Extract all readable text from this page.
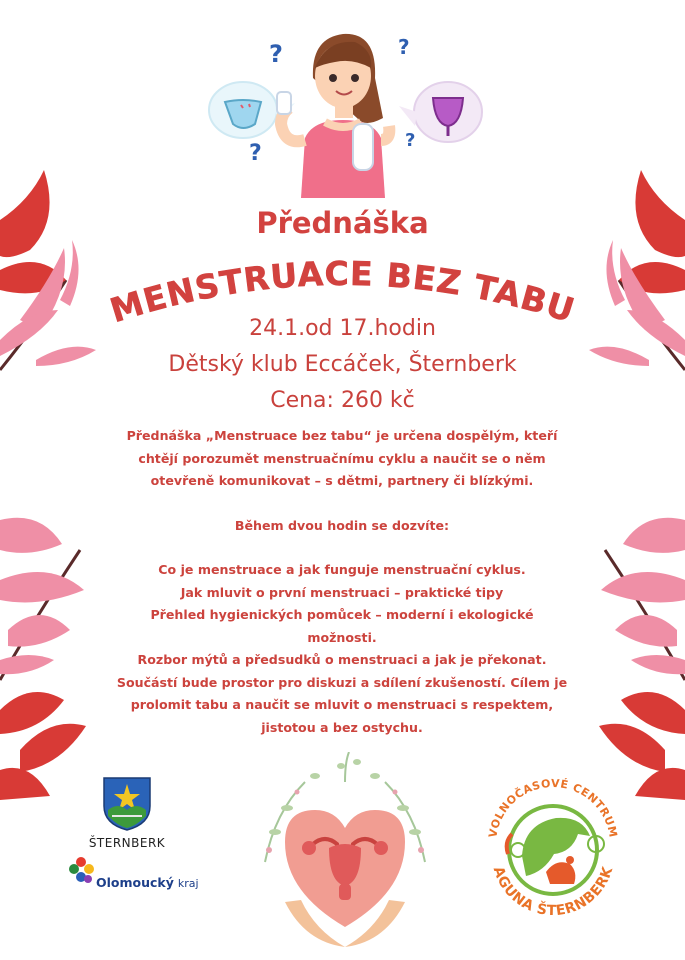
?	?
?
?
Přednáška
MENSTRUACE BEZ TABU
24.1.od 17.hodin
Dětský klub Eccáček, Šternberk
Cena: 260 kč

Přednáška „Menstruace bez tabu“ je určena dospělým, kteří

chtějí porozumět menstruačnímu cyklu a naučit se o něm

otevřeně komunikovat – s dětmi, partnery či blízkými.

Během dvou hodin se dozvíte:

Co je menstruace a jak funguje menstruační cyklus.

Jak mluvit o první menstruaci – praktické tipy

Přehled hygienických pomůcek – moderní i ekologické

možnosti.

Rozbor mýtů a předsudků o menstruaci a jak je překonat.

Součástí bude prostor pro diskuzi a sdílení zkušeností. Cílem je

prolomit tabu a naučit se mluvit o menstruaci s respektem,

jistotou a bez ostychu.

ŠTERNBERK
Olomoucký kraj
VOLNOČASOVÉ CENTRUM
AGUNA ŠTERNBERK
